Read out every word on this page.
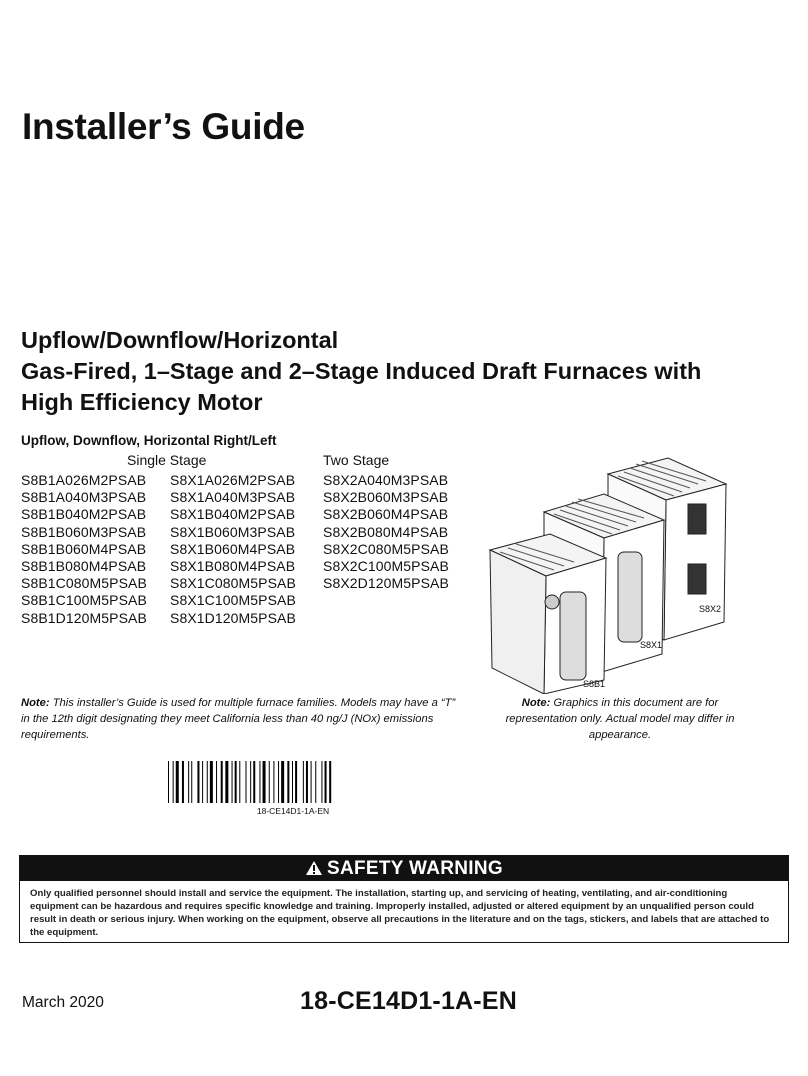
Installer’s Guide
Upflow/Downflow/Horizontal
Gas-Fired, 1–Stage and 2–Stage Induced Draft Furnaces with
High Efficiency Motor
Upflow, Downflow, Horizontal Right/Left
Single Stage	Two Stage
S8B1A026M2PSAB
S8B1A040M3PSAB
S8B1B040M2PSAB
S8B1B060M3PSAB
S8B1B060M4PSAB
S8B1B080M4PSAB
S8B1C080M5PSAB
S8B1C100M5PSAB
S8B1D120M5PSAB
S8X1A026M2PSAB
S8X1A040M3PSAB
S8X1B040M2PSAB
S8X1B060M3PSAB
S8X1B060M4PSAB
S8X1B080M4PSAB
S8X1C080M5PSAB
S8X1C100M5PSAB
S8X1D120M5PSAB
S8X2A040M3PSAB
S8X2B060M3PSAB
S8X2B060M4PSAB
S8X2B080M4PSAB
S8X2C080M5PSAB
S8X2C100M5PSAB
S8X2D120M5PSAB
S8X2
S8X1
S8B1
Note: This installer’s Guide is used for multiple furnace families. Models may have a “T” in the 12th digit designating they meet California less than 40 ng/J (NOx) emissions requirements.
Note: Graphics in this document are for representation only. Actual model may differ in appearance.
18-CE14D1-1A-EN
SAFETY WARNING
Only qualified personnel should install and service the equipment. The installation, starting up, and servicing of heating, ventilating, and air-conditioning equipment can be hazardous and requires specific knowledge and training. Improperly installed, adjusted or altered equipment by an unqualified person could result in death or serious injury. When working on the equipment, observe all precautions in the literature and on the tags, stickers, and labels that are attached to the equipment.
March 2020	18-CE14D1-1A-EN
